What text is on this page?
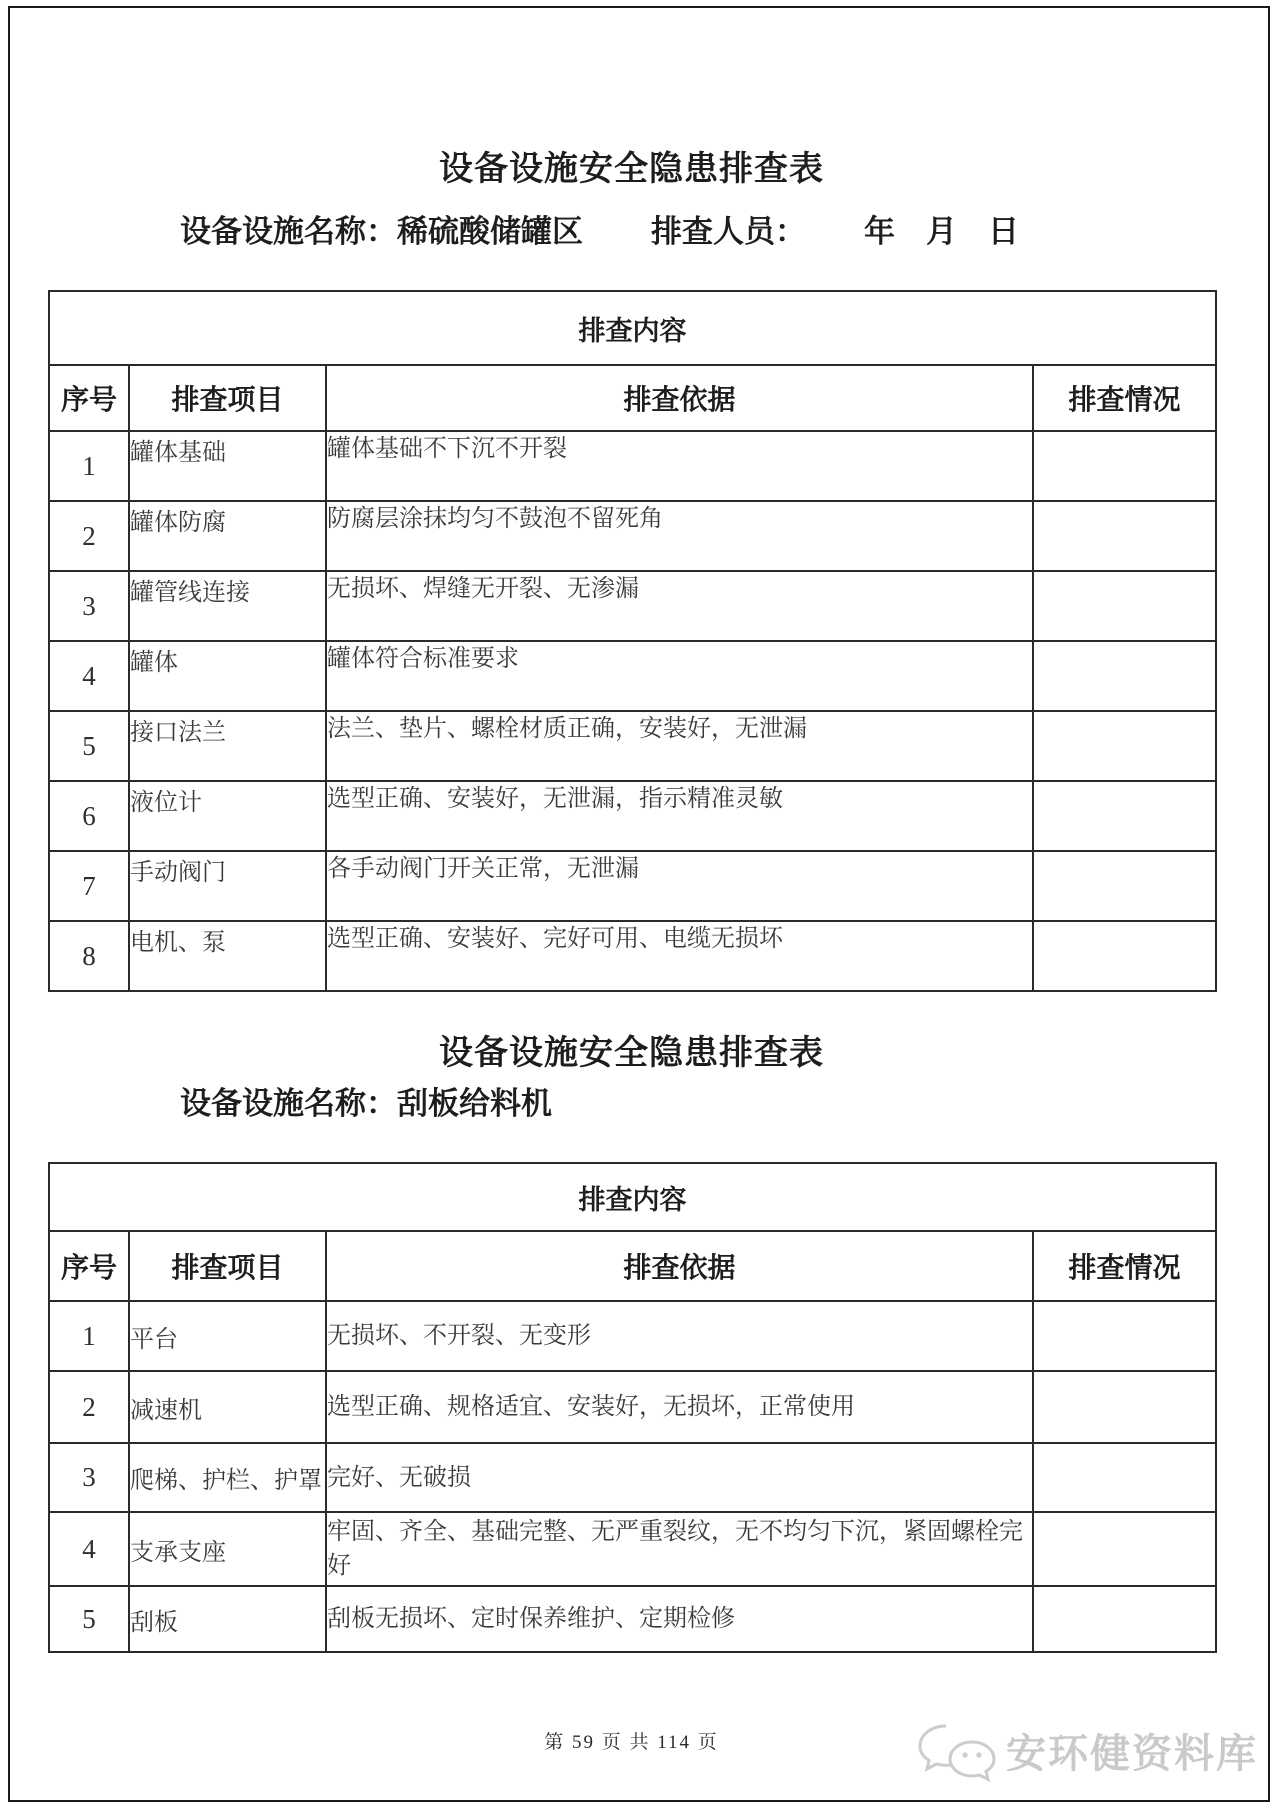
设备设施安全隐患排查表
设备设施名称：稀硫酸储罐区 排查人员： 年　月　日
排查内容			
序号	排查项目	排查依据	排查情况
1	罐体基础	罐体基础不下沉不开裂	
2	罐体防腐	防腐层涂抹均匀不鼓泡不留死角	
3	罐管线连接	无损坏、焊缝无开裂、无渗漏	
4	罐体	罐体符合标准要求	
5	接口法兰	法兰、垫片、螺栓材质正确，安装好，无泄漏	
6	液位计	选型正确、安装好，无泄漏，指示精准灵敏	
7	手动阀门	各手动阀门开关正常，无泄漏	
8	电机、泵	选型正确、安装好、完好可用、电缆无损坏	
设备设施安全隐患排查表
设备设施名称：刮板给料机
排查内容			
序号	排查项目	排查依据	排查情况
1	平台	无损坏、不开裂、无变形	
2	减速机	选型正确、规格适宜、安装好，无损坏，正常使用	
3	爬梯、护栏、护罩	完好、无破损	
4	支承支座	牢固、齐全、基础完整、无严重裂纹，无不均匀下沉，紧固螺栓完好	
5	刮板	刮板无损坏、定时保养维护、定期检修	
第 59 页 共 114 页	安环健资料库
